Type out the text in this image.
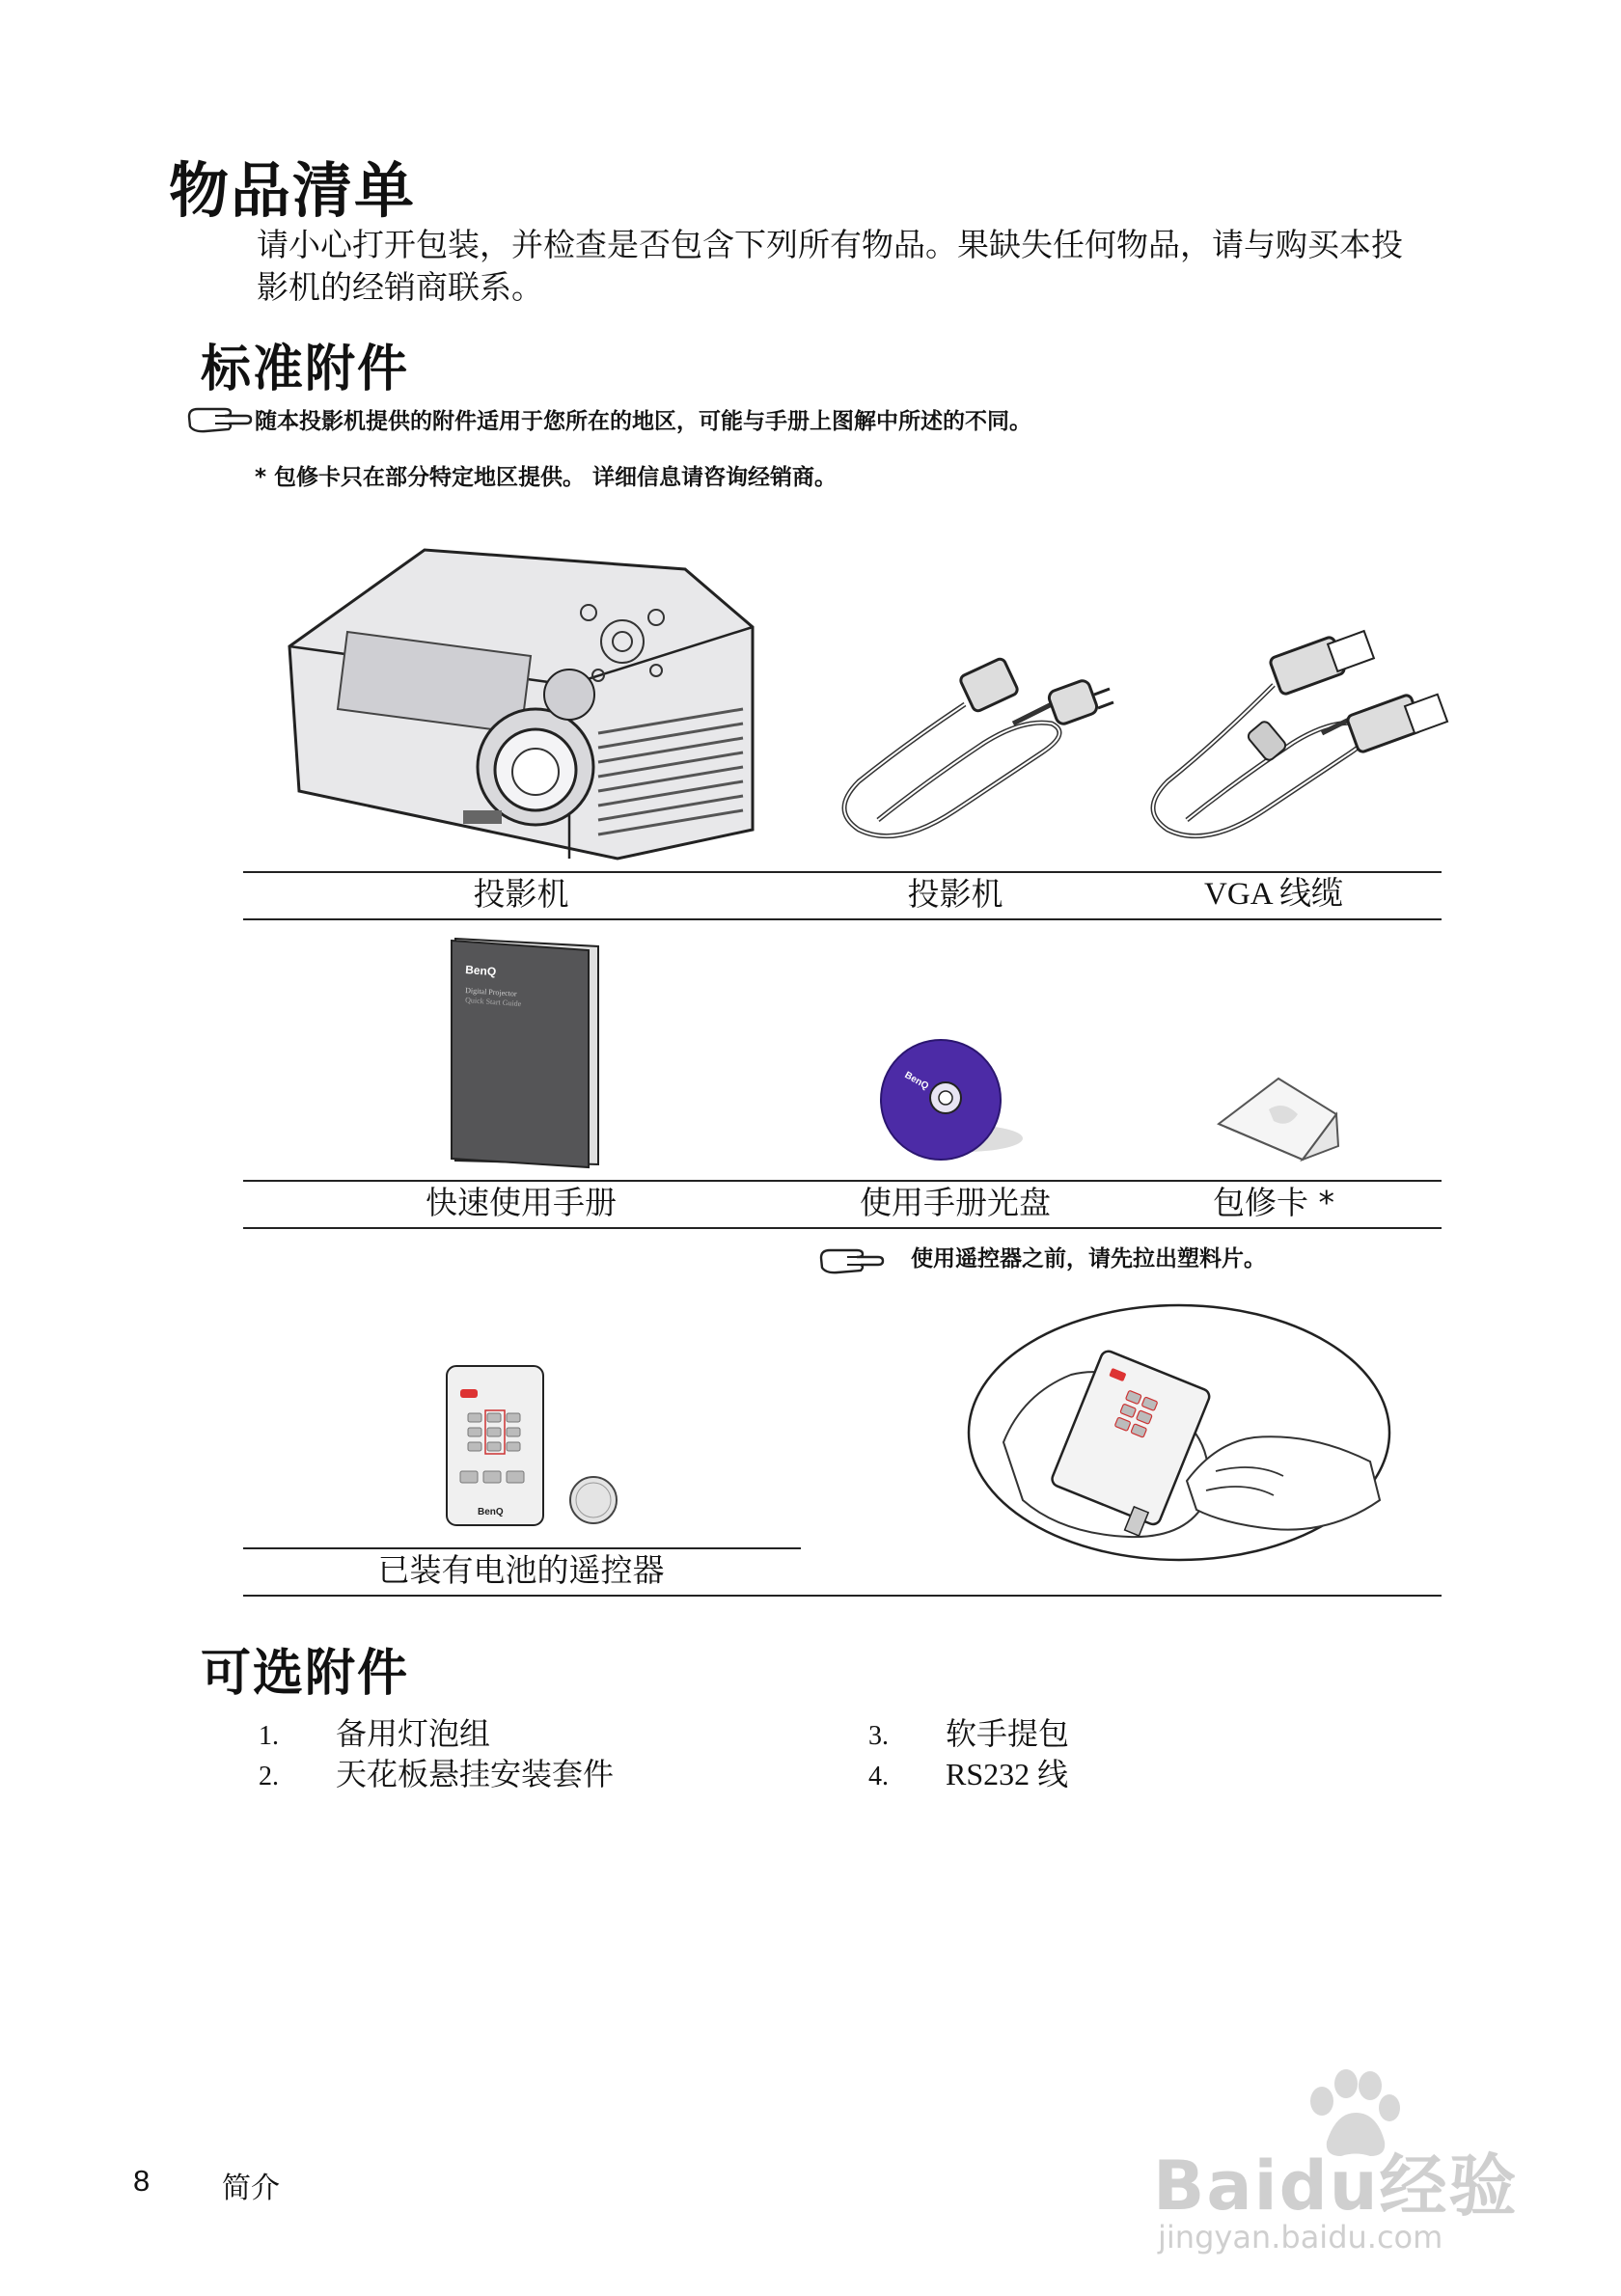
物品清单
请小心打开包装，并检查是否包含下列所有物品。果缺失任何物品，请与购买本投
影机的经销商联系。
标准附件
随本投影机提供的附件适用于您所在的地区，可能与手册上图解中所述的不同。
* 包修卡只在部分特定地区提供。 详细信息请咨询经销商。
投影机	投影机	VGA 线缆
BenQ
Digital Projector
Quick Start Guide
BenQ
快速使用手册	使用手册光盘	包修卡 *
使用遥控器之前，请先拉出塑料片。
BenQ
已装有电池的遥控器
可选附件
1. 备用灯泡组
2. 天花板悬挂安装套件
3. 软手提包
4. RS232 线
8 简介	Baidu经验
jingyan.baidu.com
